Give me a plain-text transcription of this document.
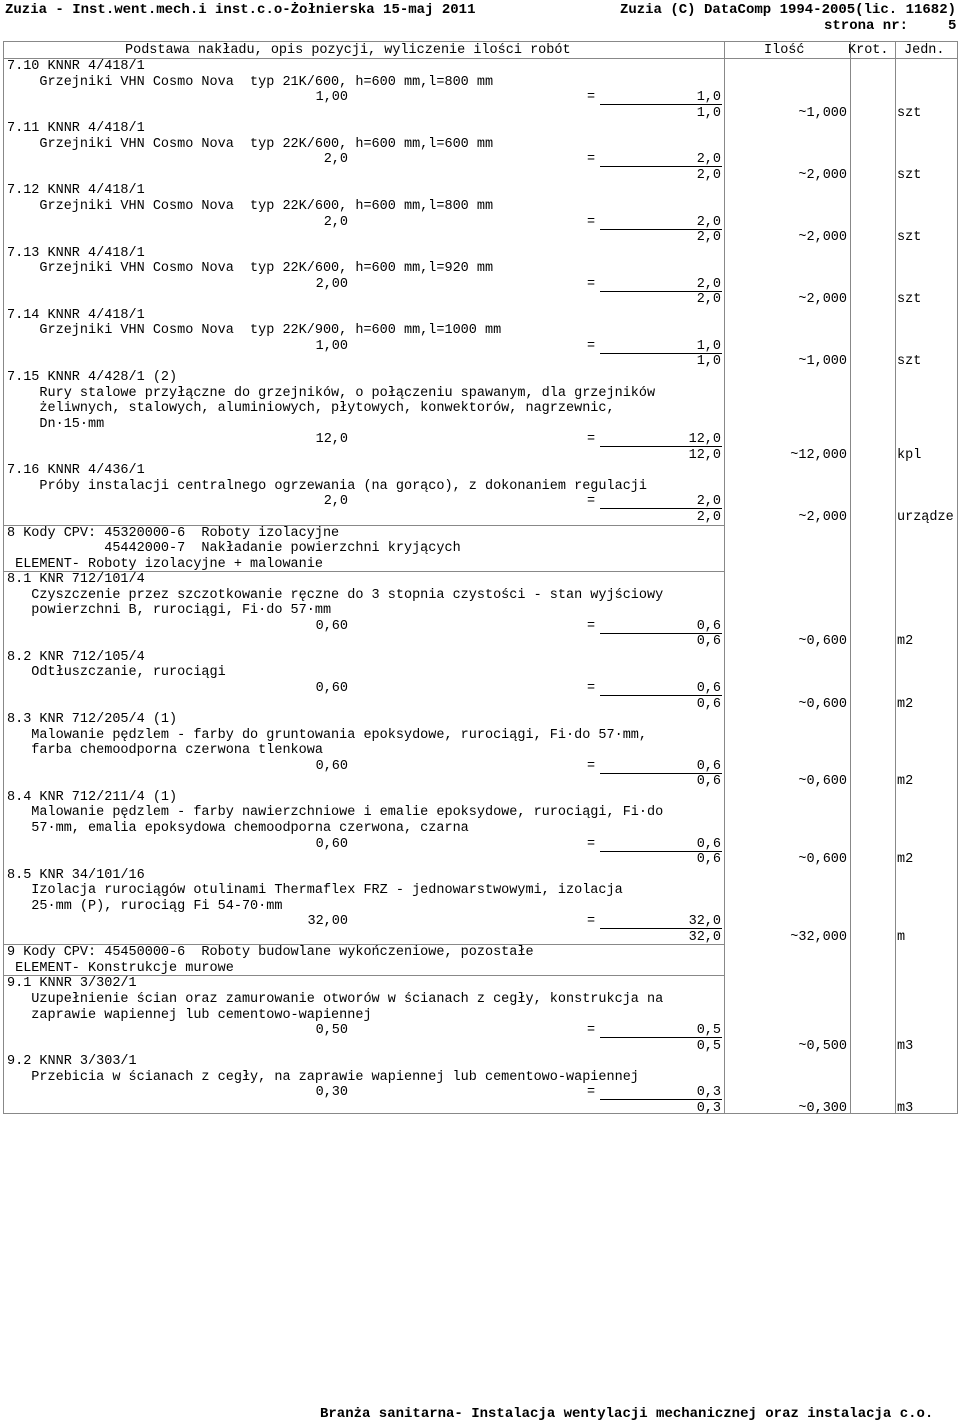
Zuzia - Inst.went.mech.i inst.c.o-Żołnierska 15-maj 2011	Zuzia (C) DataComp 1994-2005(lic. 11682)
strona nr:	5
Podstawa nakładu, opis pozycji, wyliczenie ilości robót	Ilość	Krot. Jedn.
7.10 KNNR 4/418/1
Grzejniki VHN Cosmo Nova  typ 21K/600, h=600 mm,l=800 mm
1,00	=	1,0
1,0	~1,000	szt
7.11 KNNR 4/418/1
Grzejniki VHN Cosmo Nova  typ 22K/600, h=600 mm,l=600 mm
2,0	=	2,0
2,0	~2,000	szt
7.12 KNNR 4/418/1
Grzejniki VHN Cosmo Nova  typ 22K/600, h=600 mm,l=800 mm
2,0	=	2,0
2,0	~2,000	szt
7.13 KNNR 4/418/1
Grzejniki VHN Cosmo Nova  typ 22K/600, h=600 mm,l=920 mm
2,00	=	2,0
2,0	~2,000	szt
7.14 KNNR 4/418/1
Grzejniki VHN Cosmo Nova  typ 22K/900, h=600 mm,l=1000 mm
1,00	=	1,0
1,0	~1,000	szt
7.15 KNNR 4/428/1 (2)
Rury stalowe przyłączne do grzejników, o połączeniu spawanym, dla grzejników
żeliwnych, stalowych, aluminiowych, płytowych, konwektorów, nagrzewnic,
Dn·15·mm
12,0	=	12,0
12,0	~12,000	kpl
7.16 KNNR 4/436/1
Próby instalacji centralnego ogrzewania (na gorąco), z dokonaniem regulacji
2,0	=	2,0
2,0	~2,000	urządze
8 Kody CPV: 45320000-6  Roboty izolacyjne
45442000-7  Nakładanie powierzchni kryjących
ELEMENT- Roboty izolacyjne + malowanie
8.1 KNR 712/101/4
Czyszczenie przez szczotkowanie ręczne do 3 stopnia czystości - stan wyjściowy
powierzchni B, rurociągi, Fi·do 57·mm
0,60	=	0,6
0,6	~0,600	m2
8.2 KNR 712/105/4
Odtłuszczanie, rurociągi
0,60	=	0,6
0,6	~0,600	m2
8.3 KNR 712/205/4 (1)
Malowanie pędzlem - farby do gruntowania epoksydowe, rurociągi, Fi·do 57·mm,
farba chemoodporna czerwona tlenkowa
0,60	=	0,6
0,6	~0,600	m2
8.4 KNR 712/211/4 (1)
Malowanie pędzlem - farby nawierzchniowe i emalie epoksydowe, rurociągi, Fi·do
57·mm, emalia epoksydowa chemoodporna czerwona, czarna
0,60	=	0,6
0,6	~0,600	m2
8.5 KNR 34/101/16
Izolacja rurociągów otulinami Thermaflex FRZ - jednowarstwowymi, izolacja
25·mm (P), rurociąg Fi 54-70·mm
32,00	=	32,0
32,0	~32,000	m
9 Kody CPV: 45450000-6  Roboty budowlane wykończeniowe, pozostałe
ELEMENT- Konstrukcje murowe
9.1 KNNR 3/302/1
Uzupełnienie ścian oraz zamurowanie otworów w ścianach z cegły, konstrukcja na
zaprawie wapiennej lub cementowo-wapiennej
0,50	=	0,5
0,5	~0,500	m3
9.2 KNNR 3/303/1
Przebicia w ścianach z cegły, na zaprawie wapiennej lub cementowo-wapiennej
0,30	=	0,3
0,3	~0,300	m3
Branża sanitarna- Instalacja wentylacji mechanicznej oraz instalacja c.o.
